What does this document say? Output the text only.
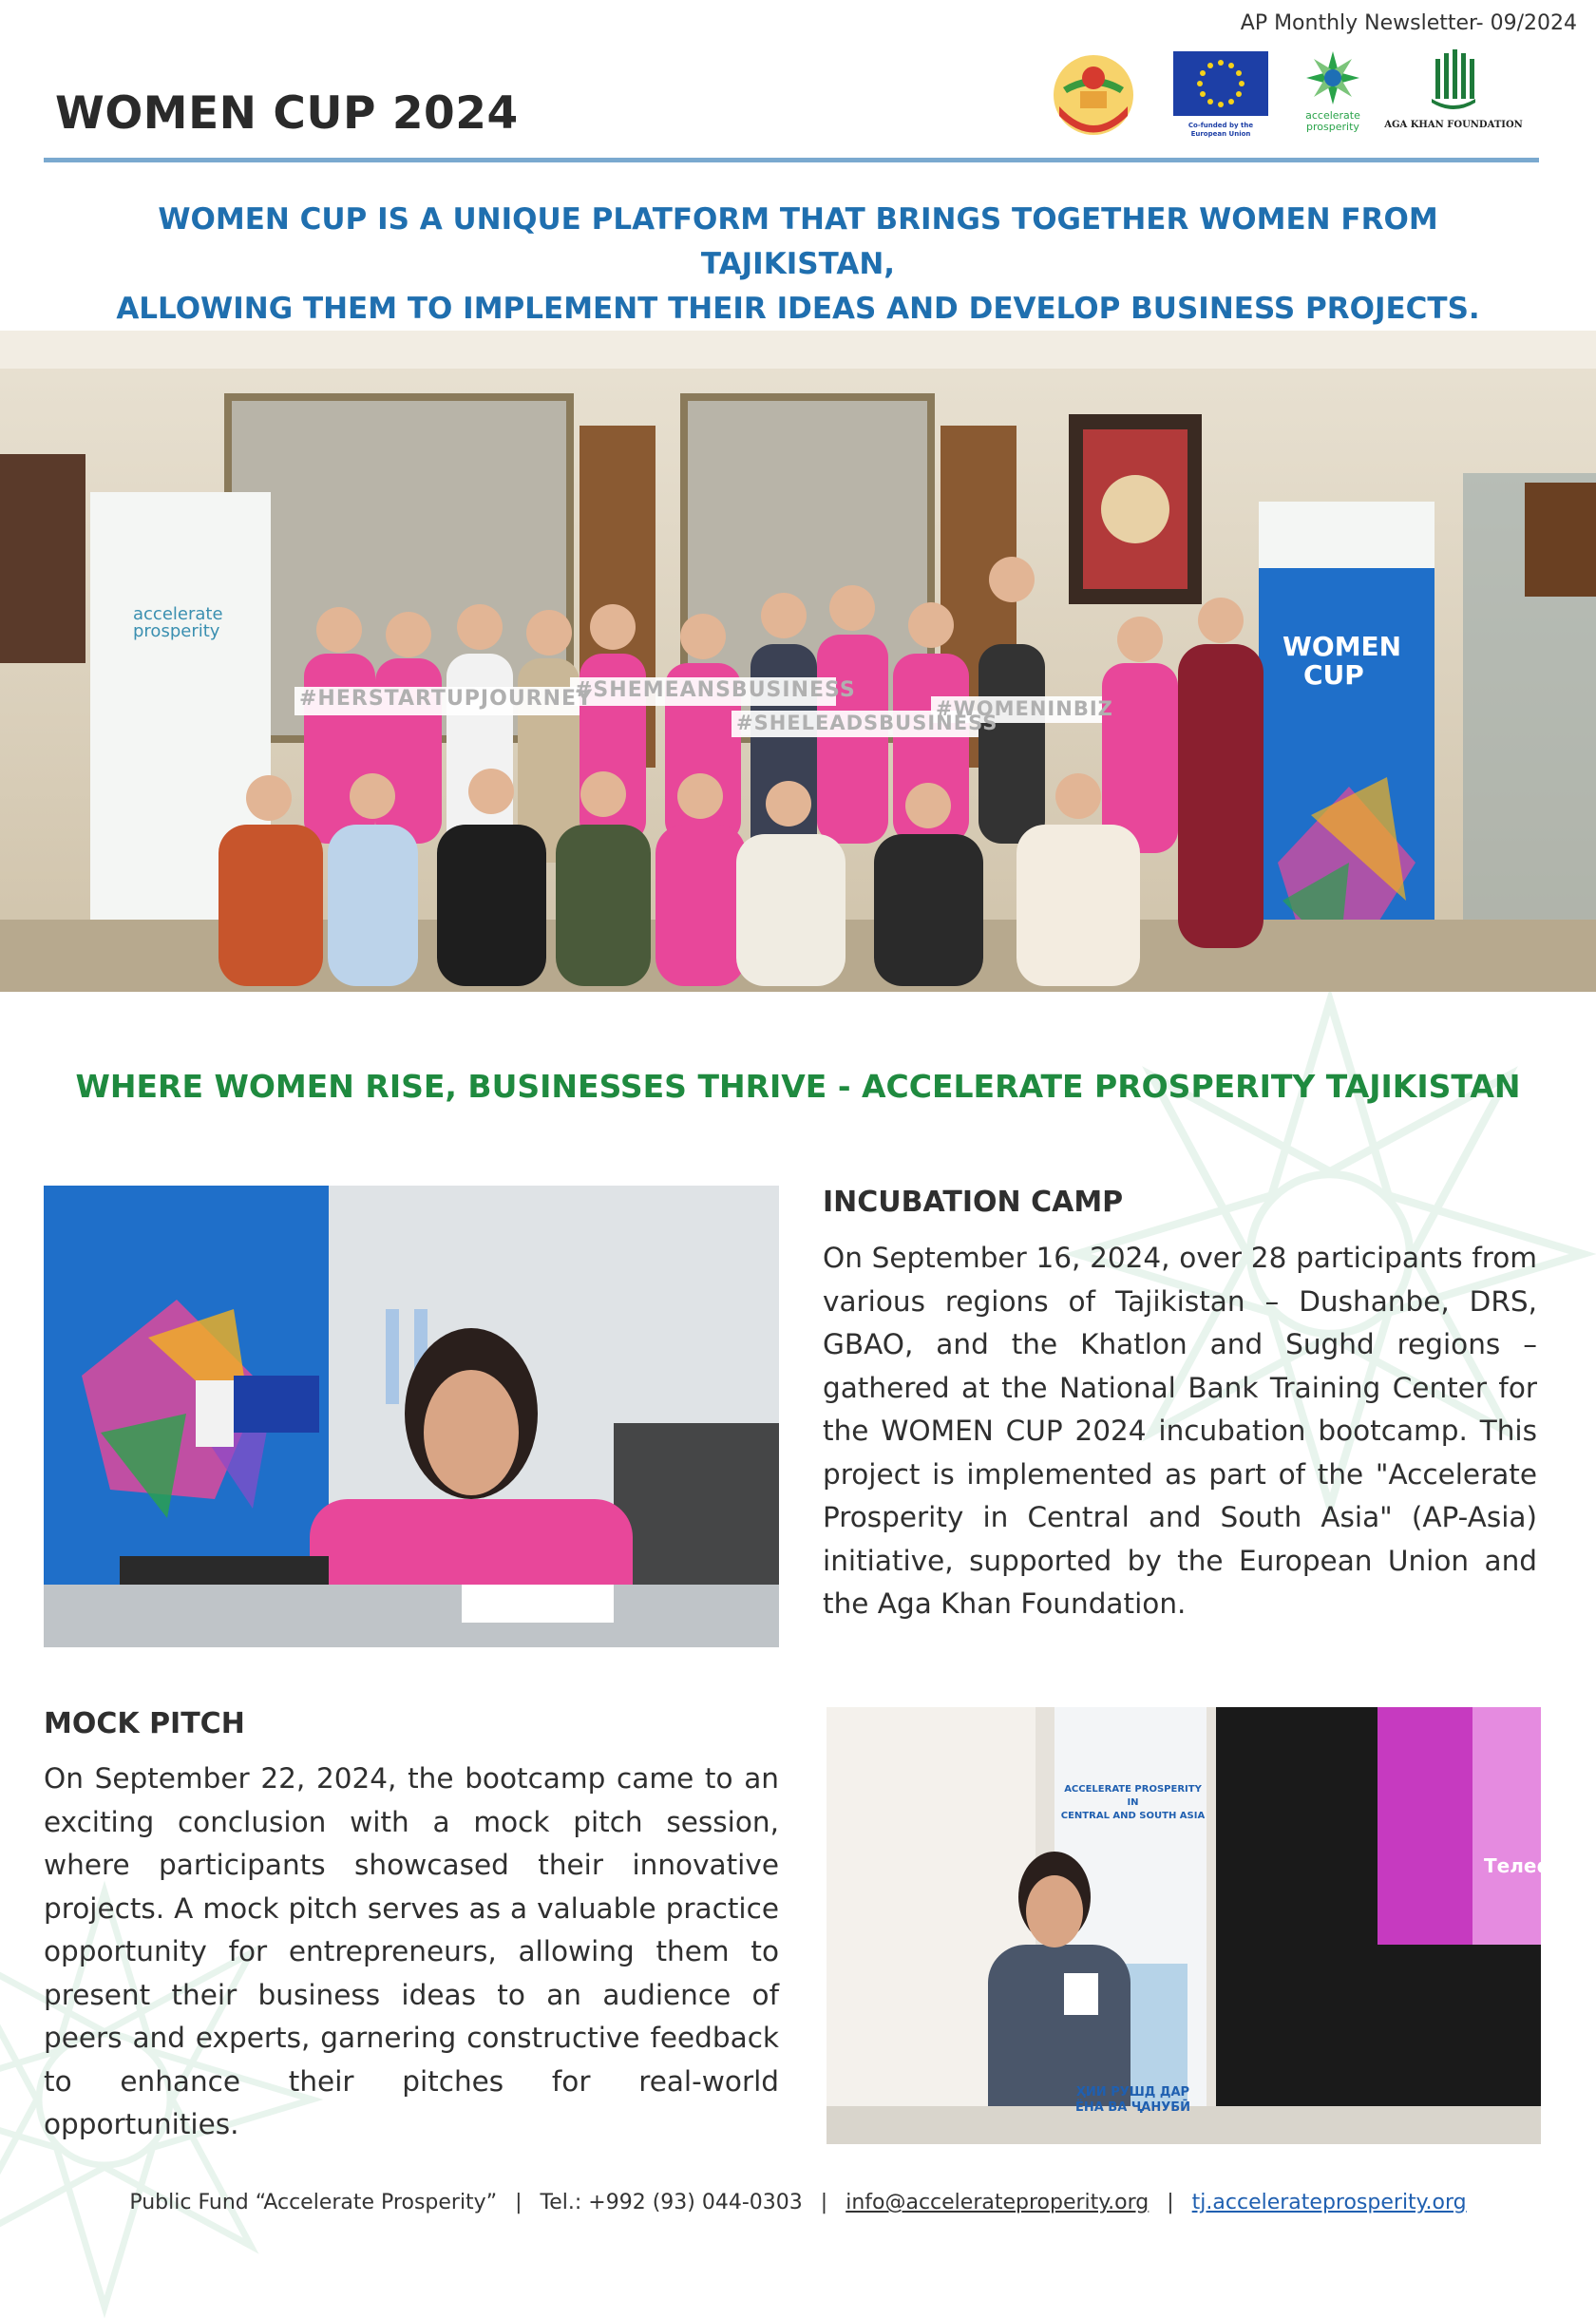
AP Monthly Newsletter- 09/2024
WOMEN CUP 2024	Co-funded by the European Union
accelerate
prosperity	AGA KHAN FOUNDATION
WOMEN CUP IS A UNIQUE PLATFORM THAT BRINGS TOGETHER WOMEN FROM TAJIKISTAN,
ALLOWING THEM TO IMPLEMENT THEIR IDEAS AND DEVELOP BUSINESS PROJECTS.
#HERSTARTUPJOURNEY
#SHEMEANSBUSINESS
#SHELEADSBUSINESS
#WOMENINBIZ
WOMEN
CUP
accelerate
prosperity
WHERE WOMEN RISE, BUSINESSES THRIVE - ACCELERATE PROSPERITY TAJIKISTAN
INCUBATION CAMP
On September 16, 2024, over 28 participants from various regions of Tajikistan – Dushanbe, DRS, GBAO, and the Khatlon and Sughd regions – gathered at the National Bank Training Center for the WOMEN CUP 2024 incubation bootcamp. This project is implemented as part of the "Accelerate Prosperity in Central and South Asia" (AP-Asia) initiative, supported by the European Union and the Aga Khan Foundation.
MOCK PITCH
On September 22, 2024, the bootcamp came to an exciting conclusion with a mock pitch session, where participants showcased their innovative projects. A mock pitch serves as a valuable practice opportunity for entrepreneurs, allowing them to present their business ideas to an audience of peers and experts, garnering constructive feedback to enhance their pitches for real-world opportunities.
ACCELERATE PROSPERITY IN
CENTRAL AND SOUTH ASIA
ҲИИ РУШД ДАР
ЁНА ВА ҶАНУБӢ
Телеф
Public Fund “Accelerate Prosperity” | Tel.: +992 (93) 044-0303 | info@accelerateproperity.org | tj.accelerateprosperity.org
